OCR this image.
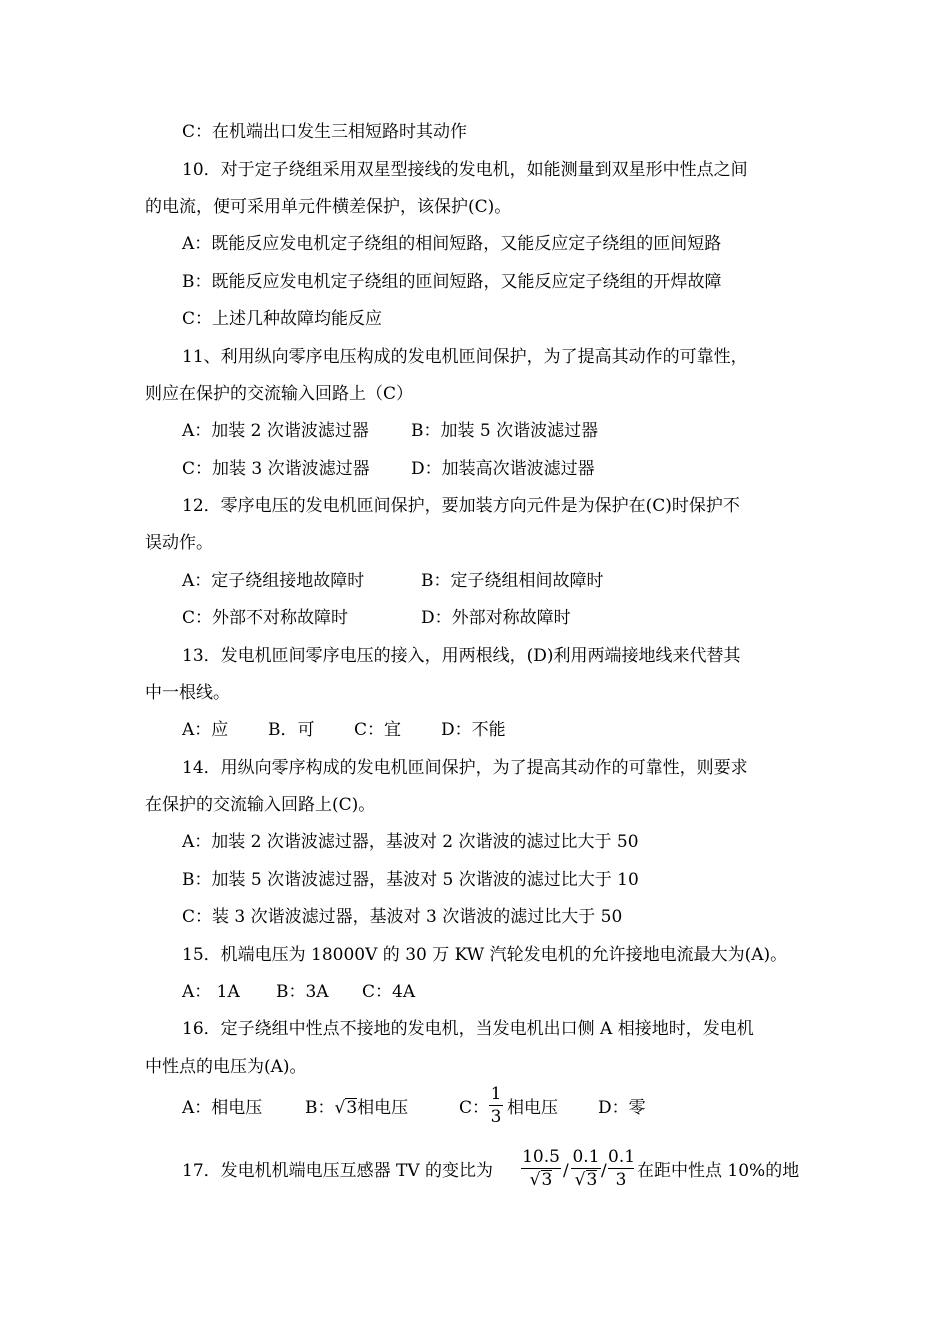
C：在机端出口发生三相短路时其动作
10．对于定子绕组采用双星型接线的发电机，如能测量到双星形中性点之间
的电流，便可采用单元件横差保护，该保护(C)。
A：既能反应发电机定子绕组的相间短路，又能反应定子绕组的匝间短路
B：既能反应发电机定子绕组的匝间短路，又能反应定子绕组的开焊故障
C：上述几种故障均能反应
11、利用纵向零序电压构成的发电机匝间保护，为了提高其动作的可靠性，
则应在保护的交流输入回路上（C）
A：加装 2 次谐波滤过器 B：加装 5 次谐波滤过器
C：加装 3 次谐波滤过器 D：加装高次谐波滤过器
12．零序电压的发电机匝间保护，要加装方向元件是为保护在(C)时保护不
误动作。
A：定子绕组接地故障时	B：定子绕组相间故障时
C：外部不对称故障时	D：外部对称故障时
13．发电机匝间零序电压的接入，用两根线，(D)利用两端接地线来代替其
中一根线。
A：应 B．可 C：宜 D：不能
14．用纵向零序构成的发电机匝间保护，为了提高其动作的可靠性，则要求
在保护的交流输入回路上(C)。
A：加装 2 次谐波滤过器，基波对 2 次谐波的滤过比大于 50
B：加装 5 次谐波滤过器，基波对 5 次谐波的滤过比大于 10
C：装 3 次谐波滤过器，基波对 3 次谐波的滤过比大于 50
15．机端电压为 18000V 的 30 万 KW 汽轮发电机的允许接地电流最大为(A)。
A： 1A B：3A C：4A
16．定子绕组中性点不接地的发电机，当发电机出口侧 A 相接地时，发电机
中性点的电压为(A)。
A：相电压	B：√3相电压	C：
1
3 相电压 D：零
17．发电机机端电压互感器 TV 的变比为
10.5
√3 /
0.1
√3 /
0.1
3 在距中性点 10%的地
